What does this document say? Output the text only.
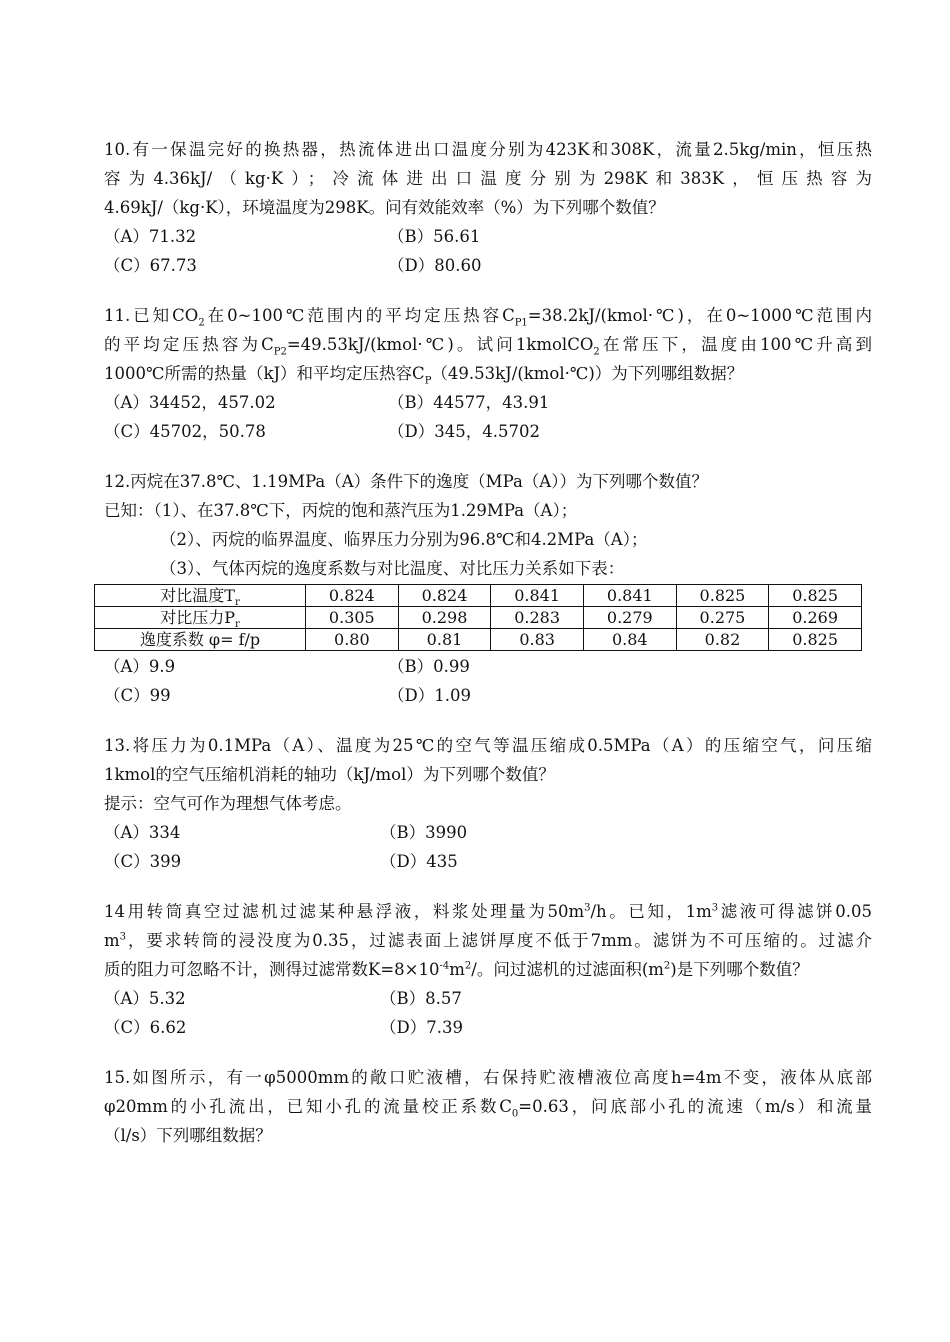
10.有一保温完好的换热器，热流体进出口温度分别为423K和308K，流量2.5kg/min，恒压热

容为4.36kJ/（kg·K）；冷流体进出口温度分别为298K和383K，恒压热容为

4.69kJ/（kg·K），环境温度为298K。问有效能效率（%）为下列哪个数值？

（A）71.32	（B）56.61
（C）67.73	（D）80.60

11.已知$CO_2$在0~100℃范围内的平均定压热容$C_{P1}=38.2kJ/(kmol\cdot℃)$，在0~1000℃范围内

的平均定压热容为$C_{P2}=49.53kJ/(kmol\cdot℃)$。试问1kmolCO$_2$在常压下，温度由100℃升高到

1000℃所需的热量（kJ）和平均定压热容$C_P(49.53kJ/(kmol\cdot℃))$为下列哪组数据？

（A）34452，457.02	（B）44577，43.91
（C）45702，50.78	（D）345，4.5702

12.丙烷在37.8℃、1.19MPa（A）条件下的逸度（MPa（A））为下列哪个数值？

已知：（1）、在37.8℃下，丙烷的饱和蒸汽压为1.29MPa（A）；

（2）、丙烷的临界温度、临界压力分别为96.8℃和4.2MPa（A）；

（3）、气体丙烷的逸度系数与对比温度、对比压力关系如下表：

对比温度$T_r$	0.824	0.824	0.841	0.841	0.825	0.825
对比压力$P_r$	0.305	0.298	0.283	0.279	0.275	0.269
逸度系数 φ= f/p	0.80	0.81	0.83	0.84	0.82	0.825
（A）9.9	（B）0.99
（C）99	（D）1.09

13.将压力为0.1MPa（A）、温度为25℃的空气等温压缩成0.5MPa（A）的压缩空气，问压缩

1kmol的空气压缩机消耗的轴功（kJ/mol）为下列哪个数值？

提示：空气可作为理想气体考虑。

（A）334	（B）3990
（C）399	（D）435

14用转筒真空过滤机过滤某种悬浮液，料浆处理量为$50m^3/h$。已知，$1m^3$滤液可得滤饼0.05

$m^3$，要求转筒的浸没度为0.35，过滤表面上滤饼厚度不低于7mm。滤饼为不可压缩的。过滤介

质的阻力可忽略不计，测得过滤常数$K=8\times 10^{-4}m^2/$。问过滤机的过滤面积$(m^2)$是下列哪个数值？

（A）5.32	（B）8.57
（C）6.62	（D）7.39

15.如图所示，有一φ5000mm的敞口贮液槽，右保持贮液槽液位高度h=4m不变，液体从底部

φ20mm的小孔流出，已知小孔的流量校正系数$C_0=0.63$，问底部小孔的流速（m/s）和流量

（l/s）下列哪组数据？
